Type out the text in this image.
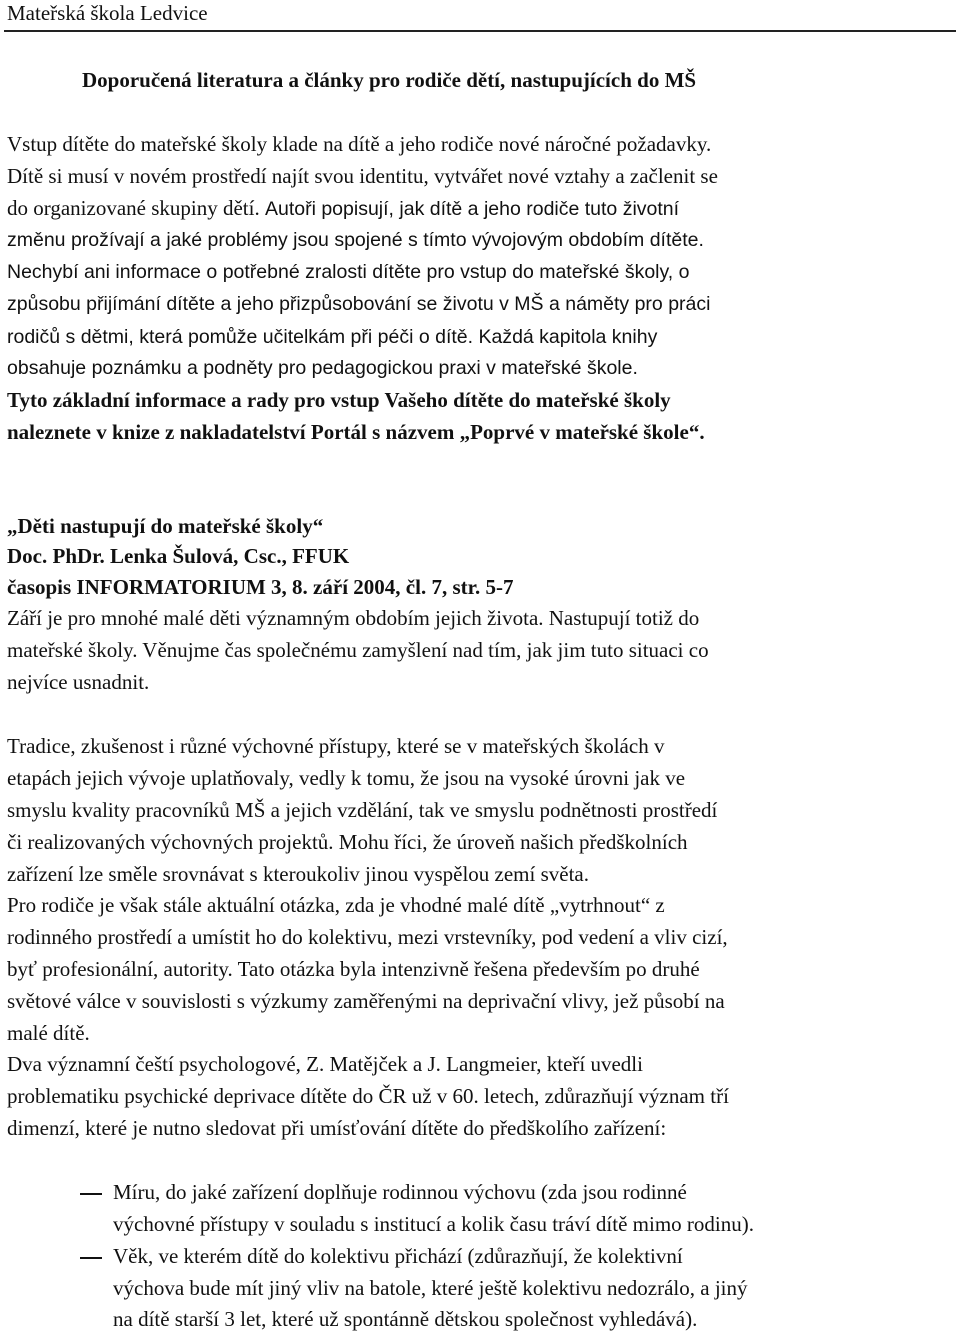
Mateřská škola Ledvice
Doporučená literatura a články pro rodiče dětí, nastupujících do MŠ

Vstup dítěte do mateřské školy klade na dítě a jeho rodiče nové náročné požadavky.

Dítě si musí v novém prostředí najít svou identitu, vytvářet nové vztahy a začlenit se

do organizované skupiny dětí. Autoři popisují, jak dítě a jeho rodiče tuto životní

změnu prožívají a jaké problémy jsou spojené s tímto vývojovým obdobím dítěte.

Nechybí ani informace o potřebné zralosti dítěte pro vstup do mateřské školy, o

způsobu přijímání dítěte a jeho přizpůsobování se životu v MŠ a náměty pro práci

rodičů s dětmi, která pomůže učitelkám při péči o dítě. Každá kapitola knihy

obsahuje poznámku a podněty pro pedagogickou praxi v mateřské škole.

Tyto základní informace a rady pro vstup Vašeho dítěte do mateřské školy

naleznete v knize z nakladatelství Portál s názvem „Poprvé v mateřské škole“.

„Děti nastupují do mateřské školy“

Doc. PhDr. Lenka Šulová, Csc., FFUK

časopis INFORMATORIUM 3, 8. září 2004, čl. 7, str. 5-7

Září je pro mnohé malé děti významným obdobím jejich života. Nastupují totiž do

mateřské školy. Věnujme čas společnému zamyšlení nad tím, jak jim tuto situaci co

nejvíce usnadnit.

Tradice, zkušenost i různé výchovné přístupy, které se v mateřských školách v

etapách jejich vývoje uplatňovaly, vedly k tomu, že jsou na vysoké úrovni jak ve

smyslu kvality pracovníků MŠ a jejich vzdělání, tak ve smyslu podnětnosti prostředí

či realizovaných výchovných projektů. Mohu říci, že úroveň našich předškolních

zařízení lze směle srovnávat s kteroukoliv jinou vyspělou zemí světa.

Pro rodiče je však stále aktuální otázka, zda je vhodné malé dítě „vytrhnout“ z

rodinného prostředí a umístit ho do kolektivu, mezi vrstevníky, pod vedení a vliv cizí,

byť profesionální, autority. Tato otázka byla intenzivně řešena především po druhé

světové válce v souvislosti s výzkumy zaměřenými na deprivační vlivy, jež působí na

malé dítě.

Dva významní čeští psychologové, Z. Matějček a J. Langmeier, kteří uvedli

problematiku psychické deprivace dítěte do ČR už v 60. letech, zdůrazňují význam tří

dimenzí, které je nutno sledovat při umísťování dítěte do předškolího zařízení:

Míru, do jaké zařízení doplňuje rodinnou výchovu (zda jsou rodinné
výchovné přístupy v souladu s institucí a kolik času tráví dítě mimo rodinu).
Věk, ve kterém dítě do kolektivu přichází (zdůrazňují, že kolektivní
výchova bude mít jiný vliv na batole, které ještě kolektivu nedozrálo, a jiný
na dítě starší 3 let, které už spontánně dětskou společnost vyhledává).
